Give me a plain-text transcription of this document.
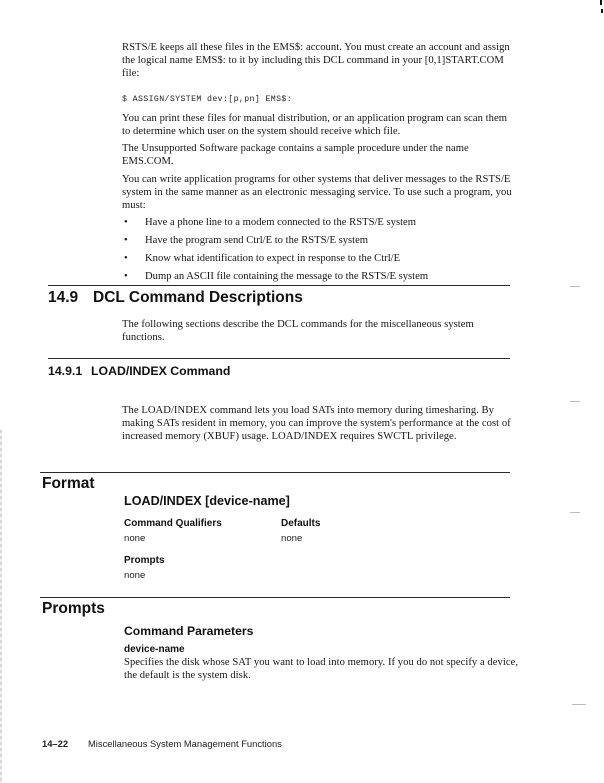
RSTS/E keeps all these files in the EMS$: account. You must create an account and assign the logical name EMS$: to it by including this DCL command in your [0,1]START.COM file:
$ ASSIGN/SYSTEM dev:[p,pn] EMS$:
You can print these files for manual distribution, or an application program can scan them to determine which user on the system should receive which file.
The Unsupported Software package contains a sample procedure under the name EMS.COM.
You can write application programs for other systems that deliver messages to the RSTS/E system in the same manner as an electronic messaging service. To use such a program, you must:
• Have a phone line to a modem connected to the RSTS/E system
• Have the program send Ctrl/E to the RSTS/E system
• Know what identification to expect in response to the Ctrl/E
• Dump an ASCII file containing the message to the RSTS/E system
14.9 DCL Command Descriptions
The following sections describe the DCL commands for the miscellaneous system functions.
14.9.1 LOAD/INDEX Command
The LOAD/INDEX command lets you load SATs into memory during timesharing. By making SATs resident in memory, you can improve the system's performance at the cost of increased memory (XBUF) usage. LOAD/INDEX requires SWCTL privilege.
Format
LOAD/INDEX [device-name]
Command Qualifiers	Defaults
none	none
Prompts
none
Prompts
Command Parameters
device-name
Specifies the disk whose SAT you want to load into memory. If you do not specify a device, the default is the system disk.
14–22 Miscellaneous System Management Functions
